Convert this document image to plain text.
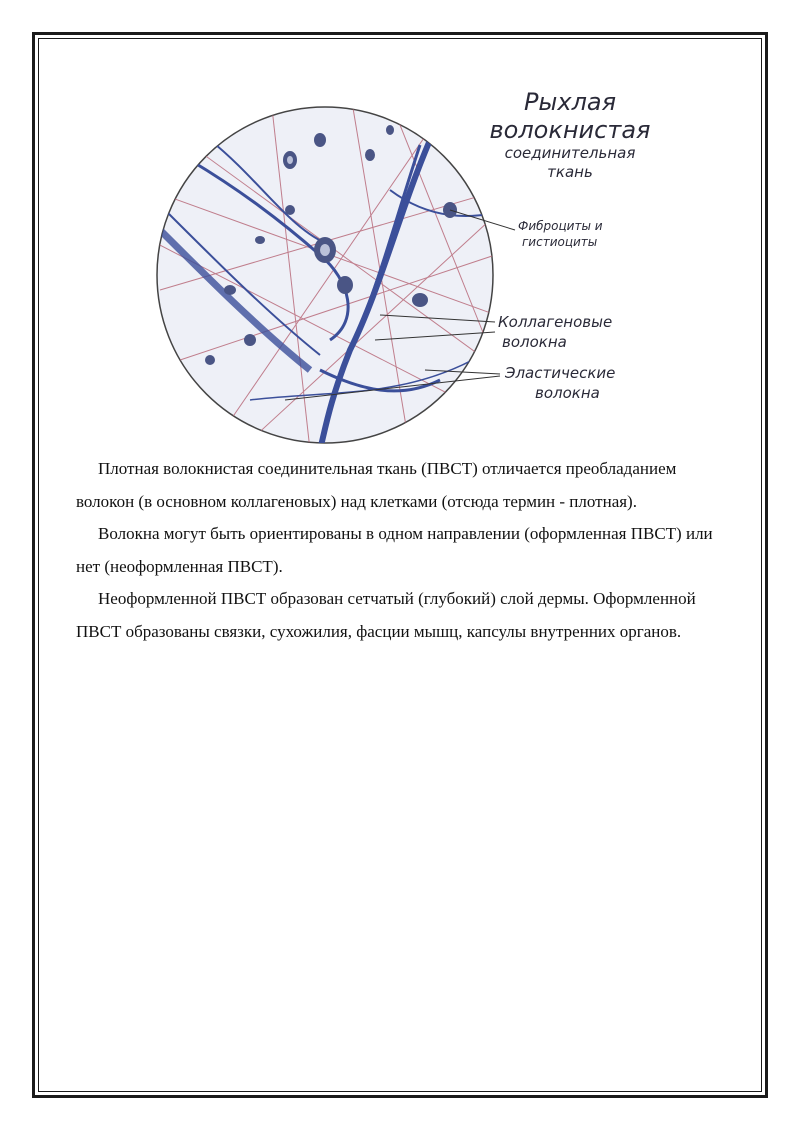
Рыхлая
волокнистая
соединительная
ткань
Фиброциты и
гистиоциты
Коллагеновые
волокна
Эластические
волокна

Плотная волокнистая соединительная ткань (ПВСТ) отличается преобладанием волокон (в основном коллагеновых) над клетками (отсюда термин - плотная).

Волокна могут быть ориентированы в одном направлении (оформленная ПВСТ) или нет (неоформленная ПВСТ).

Неоформленной ПВСТ образован сетчатый (глубокий) слой дермы. Оформленной ПВСТ образованы связки, сухожилия, фасции мышц, капсулы внутренних органов.
